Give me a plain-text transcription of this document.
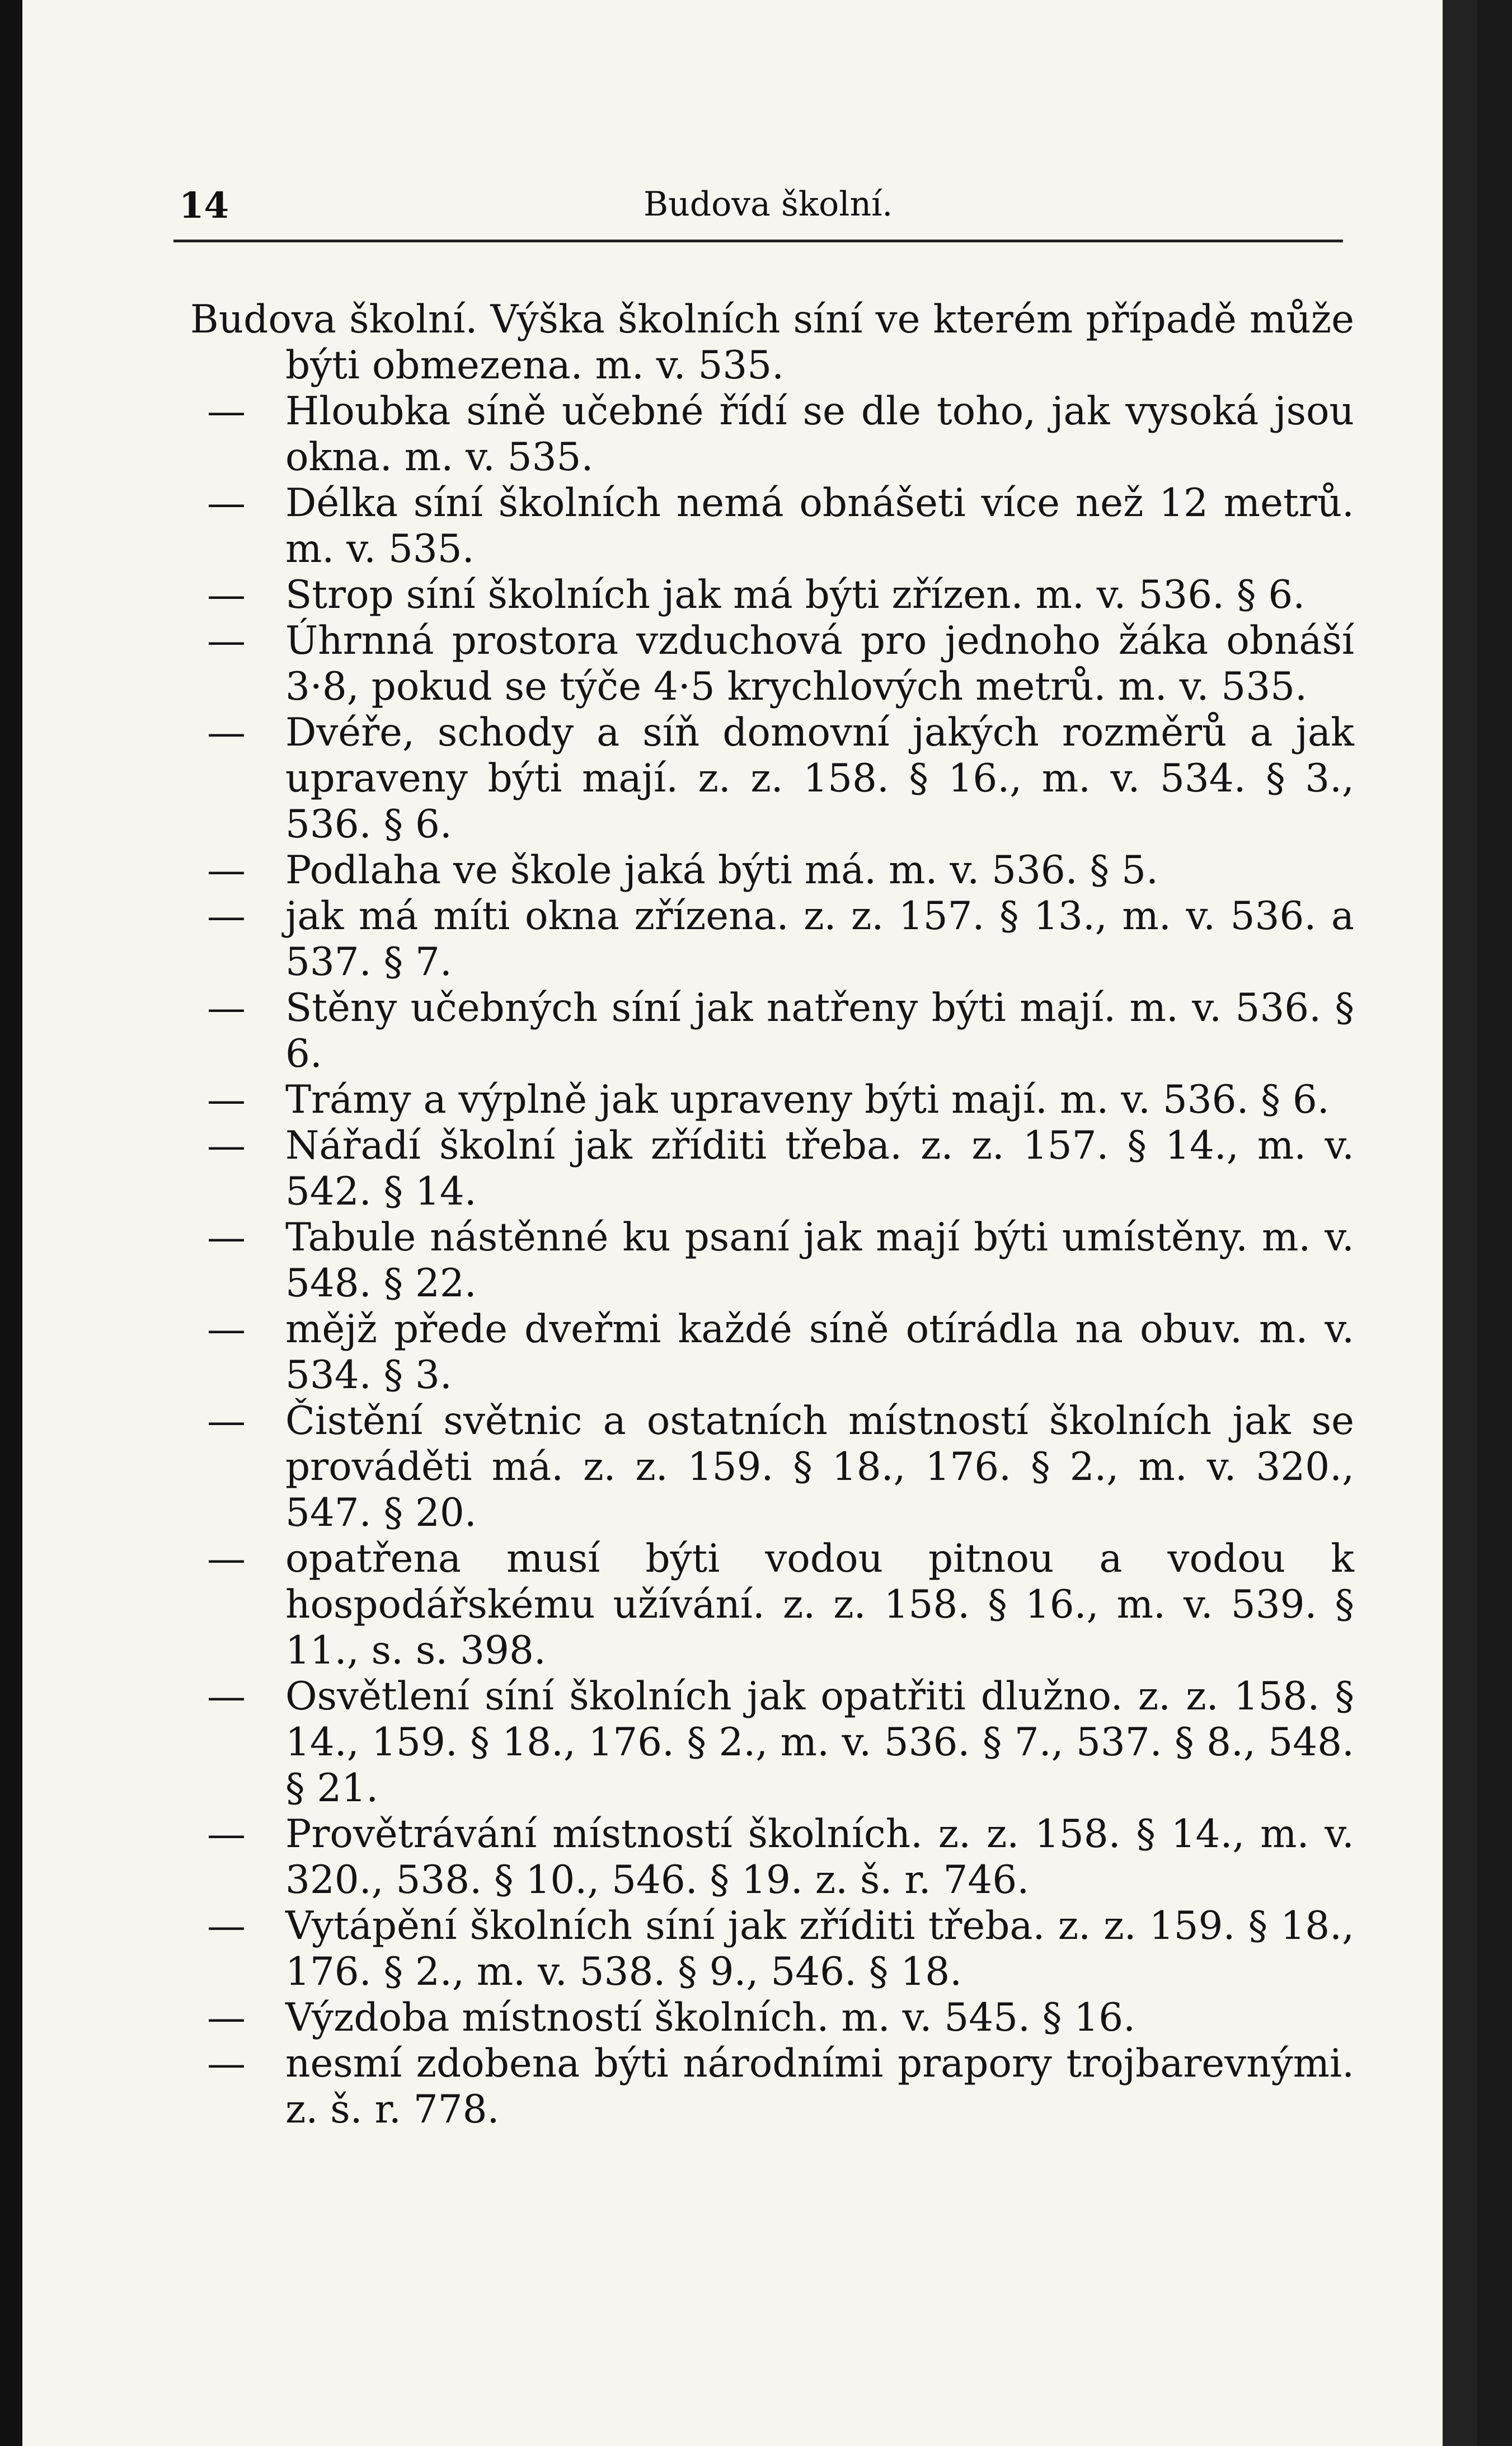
14	Budova školní.

Budova školní. Výška školních síní ve kterém případě může býti obmezena. m. v. 535.

—
Hloubka síně učebné řídí se dle toho, jak vysoká jsou okna. m. v. 535.

—
Délka síní školních nemá obnášeti více než 12 metrů. m. v. 535.

—
Strop síní školních jak má býti zřízen. m. v. 536. § 6.

—
Úhrnná prostora vzduchová pro jednoho žáka obnáší 3·8, pokud se týče 4·5 krychlových metrů. m. v. 535.

—
Dvéře, schody a síň domovní jakých rozměrů a jak upraveny býti mají. z. z. 158. § 16., m. v. 534. § 3., 536. § 6.

—
Podlaha ve škole jaká býti má. m. v. 536. § 5.

—
jak má míti okna zřízena. z. z. 157. § 13., m. v. 536. a 537. § 7.

—
Stěny učebných síní jak natřeny býti mají. m. v. 536. § 6.

—
Trámy a výplně jak upraveny býti mají. m. v. 536. § 6.

—
Nářadí školní jak zříditi třeba. z. z. 157. § 14., m. v. 542. § 14.

—
Tabule nástěnné ku psaní jak mají býti umístěny. m. v. 548. § 22.

—
mějž přede dveřmi každé síně otírádla na obuv. m. v. 534. § 3.

—
Čistění světnic a ostatních místností školních jak se prováděti má. z. z. 159. § 18., 176. § 2., m. v. 320., 547. § 20.

—
opatřena musí býti vodou pitnou a vodou k hospodářskému užívání. z. z. 158. § 16., m. v. 539. § 11., s. s. 398.

—
Osvětlení síní školních jak opatřiti dlužno. z. z. 158. § 14., 159. § 18., 176. § 2., m. v. 536. § 7., 537. § 8., 548. § 21.

—
Provětrávání místností školních. z. z. 158. § 14., m. v. 320., 538. § 10., 546. § 19. z. š. r. 746.

—
Vytápění školních síní jak zříditi třeba. z. z. 159. § 18., 176. § 2., m. v. 538. § 9., 546. § 18.

—
Výzdoba místností školních. m. v. 545. § 16.

—
nesmí zdobena býti národními prapory trojbarevnými. z. š. r. 778.
